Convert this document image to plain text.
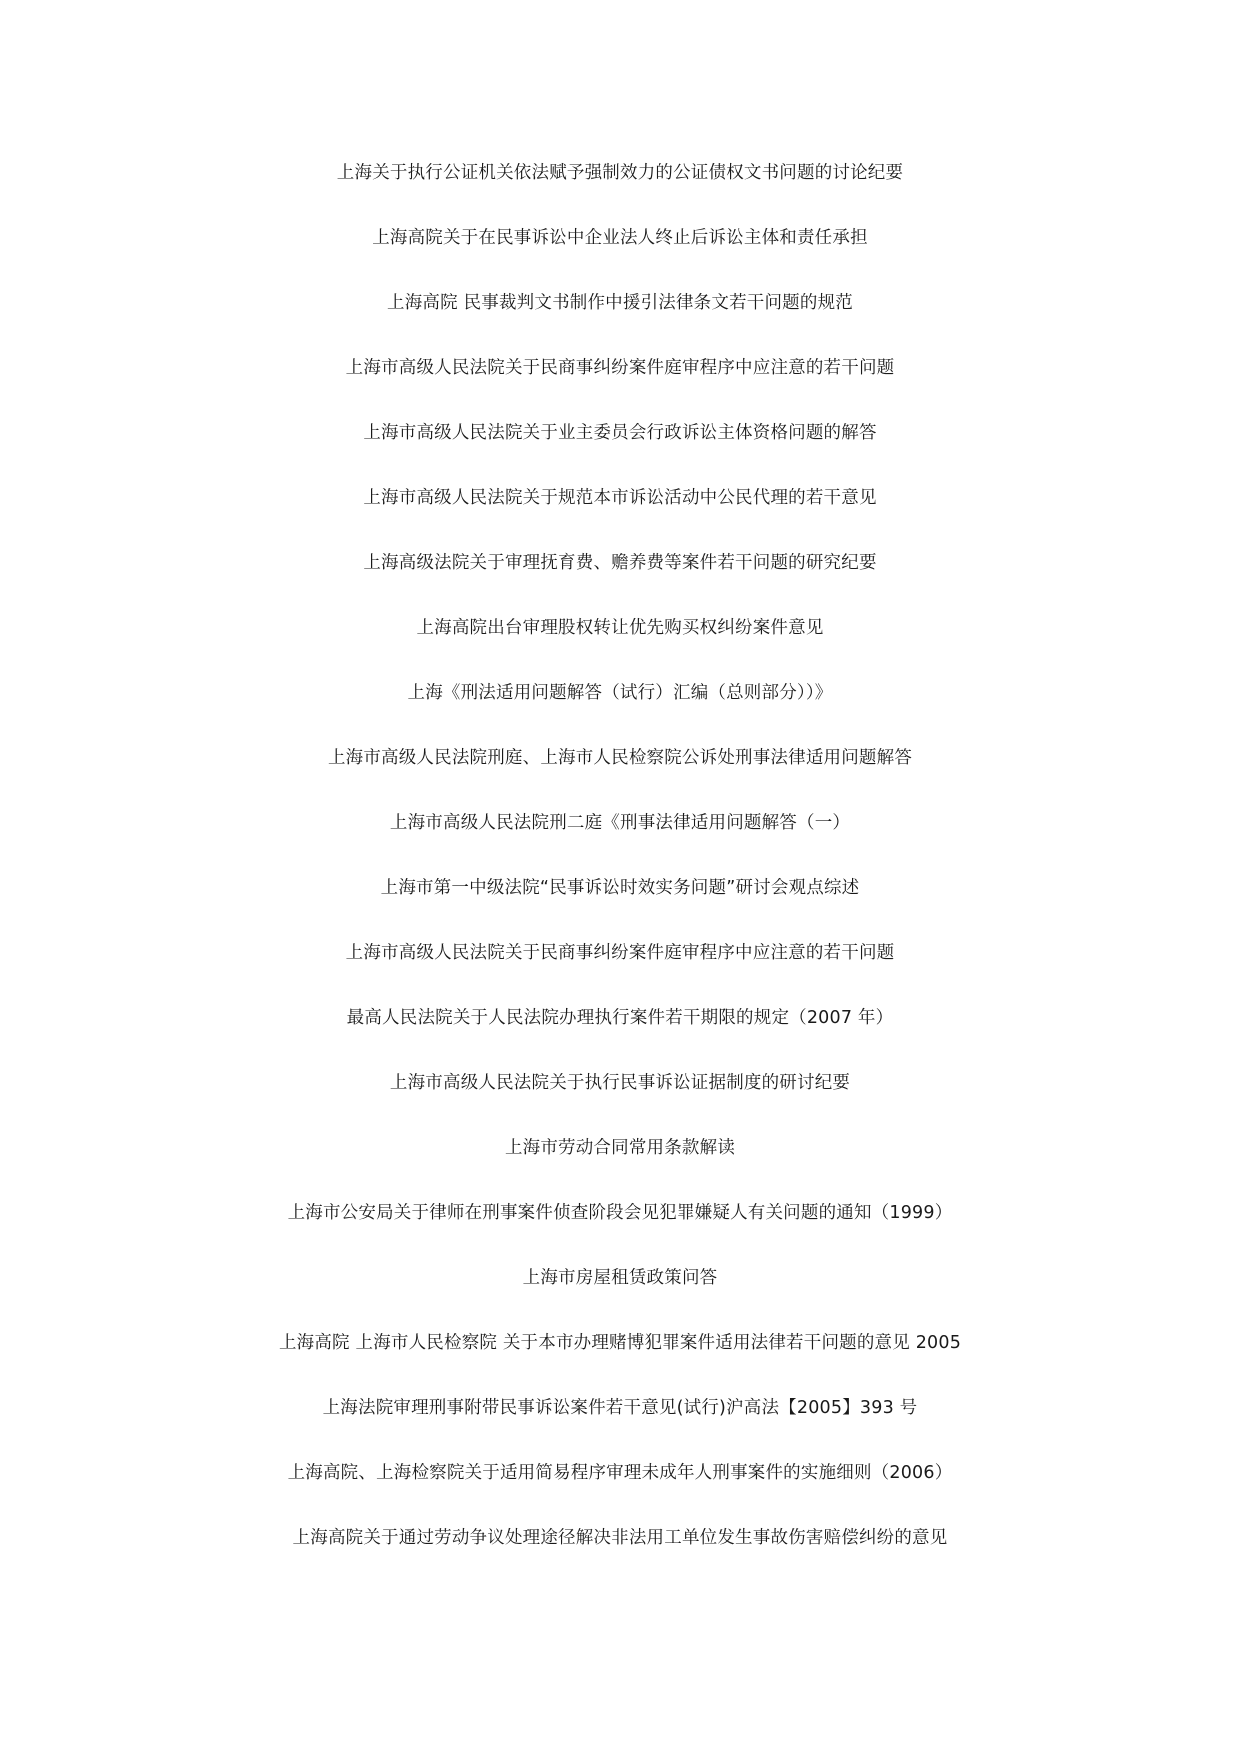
上海关于执行公证机关依法赋予强制效力的公证债权文书问题的讨论纪要
上海高院关于在民事诉讼中企业法人终止后诉讼主体和责任承担
上海高院 民事裁判文书制作中援引法律条文若干问题的规范
上海市高级人民法院关于民商事纠纷案件庭审程序中应注意的若干问题
上海市高级人民法院关于业主委员会行政诉讼主体资格问题的解答
上海市高级人民法院关于规范本市诉讼活动中公民代理的若干意见
上海高级法院关于审理抚育费、赡养费等案件若干问题的研究纪要
上海高院出台审理股权转让优先购买权纠纷案件意见
上海《刑法适用问题解答（试行）汇编（总则部分））》
上海市高级人民法院刑庭、上海市人民检察院公诉处刑事法律适用问题解答
上海市高级人民法院刑二庭《刑事法律适用问题解答（一）
上海市第一中级法院“民事诉讼时效实务问题”研讨会观点综述
上海市高级人民法院关于民商事纠纷案件庭审程序中应注意的若干问题
最高人民法院关于人民法院办理执行案件若干期限的规定（2007 年）
上海市高级人民法院关于执行民事诉讼证据制度的研讨纪要
上海市劳动合同常用条款解读
上海市公安局关于律师在刑事案件侦查阶段会见犯罪嫌疑人有关问题的通知（1999）
上海市房屋租赁政策问答
上海高院 上海市人民检察院 关于本市办理赌博犯罪案件适用法律若干问题的意见 2005
上海法院审理刑事附带民事诉讼案件若干意见(试行)沪高法【2005】393 号
上海高院、上海检察院关于适用简易程序审理未成年人刑事案件的实施细则（2006）
上海高院关于通过劳动争议处理途径解决非法用工单位发生事故伤害赔偿纠纷的意见
